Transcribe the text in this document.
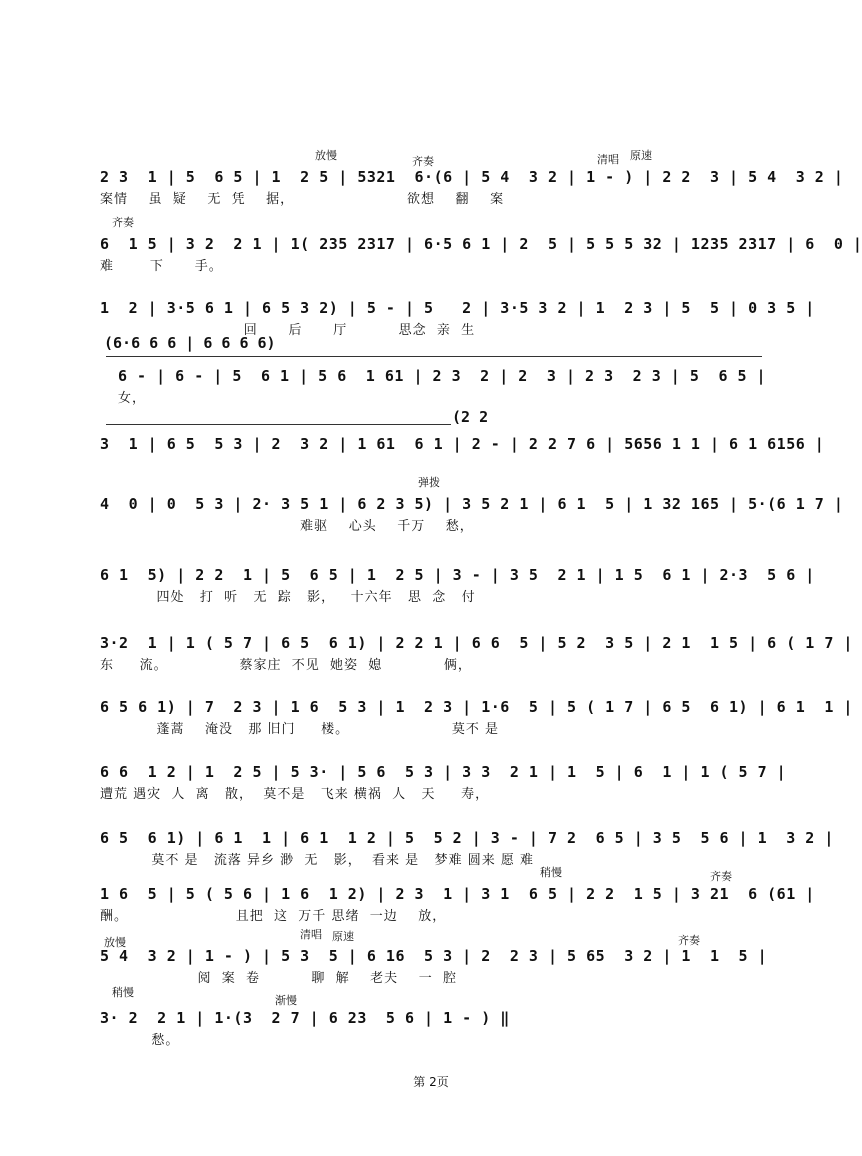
放慢	齐奏	清唱 原速
2 3  1 | 5  6 5 | 1  2 5 | 5321  6·(6 | 5 4  3 2 | 1 - ) | 2 2  3 | 5 4  3 2 |
案情    虽  疑    无  凭    据，                      欲想    翻    案
齐奏
6  1 5 | 3 2  2 1 | 1( 235 2317 | 6·5 6 1 | 2  5 | 5 5 5 32 | 1235 2317 | 6  0 |
难       下      手。
1  2 | 3·5 6 1 | 6 5 3 2) | 5 - | 5   2 | 3·5 3 2 | 1  2 3 | 5  5 | 0 3 5 |
回      后      厅          思念  亲  生
(6·6 6 6 | 6 6 6 6)
6 - | 6 - | 5  6 1 | 5 6  1 61 | 2 3  2 | 2  3 | 2 3  2 3 | 5  6 5 |
女，
(2 2
3  1 | 6 5  5 3 | 2  3 2 | 1 61  6 1 | 2 - | 2 2 7 6 | 5656 1 1 | 6 1 6156 |
弹拨
4  0 | 0  5 3 | 2· 3 5 1 | 6 2 3 5) | 3 5 2 1 | 6 1  5 | 1 32 165 | 5·(6 1 7 |
难驱    心头    千万    愁，
6 1  5) | 2 2  1 | 5  6 5 | 1  2 5 | 3 - | 3 5  2 1 | 1 5  6 1 | 2·3  5 6 |
四处   打  听   无  踪   影，   十六年   思  念   付
3·2  1 | 1 ( 5 7 | 6 5  6 1) | 2 2 1 | 6 6  5 | 5 2  3 5 | 2 1  1 5 | 6 ( 1 7 |
东     流。              蔡家庄  不见  她姿  媳            俩，
6 5 6 1) | 7  2 3 | 1 6  5 3 | 1  2 3 | 1·6  5 | 5 ( 1 7 | 6 5  6 1) | 6 1  1 |
蓬蒿    淹没   那 旧门     楼。                    莫不 是
6 6  1 2 | 1  2 5 | 5 3· | 5 6  5 3 | 3 3  2 1 | 1  5 | 6  1 | 1 ( 5 7 |
遭荒 遇灾  人  离   散，  莫不是   飞来 横祸  人   天     寿，
6 5  6 1) | 6 1  1 | 6 1  1 2 | 5  5 2 | 3 - | 7 2  6 5 | 3 5  5 6 | 1  3 2 |
莫不 是   流落 异乡 渺  无   影，  看来 是   梦难 圆来 愿 难
稍慢	齐奏
1 6  5 | 5 ( 5 6 | 1 6  1 2) | 2 3  1 | 3 1  6 5 | 2 2  1 5 | 3 21  6 (61 |
酬。                     且把  这  万千 思绪  一边    放，
放慢
清唱 原速	齐奏
5 4  3 2 | 1 - ) | 5 3  5 | 6 16  5 3 | 2  2 3 | 5 65  3 2 | 1  1  5 |
阅  案  卷          聊  解    老夫    一  腔
稍慢
渐慢
3· 2  2 1 | 1·(3  2 7 | 6 23  5 6 | 1 - ) ‖
愁。
第 2页
